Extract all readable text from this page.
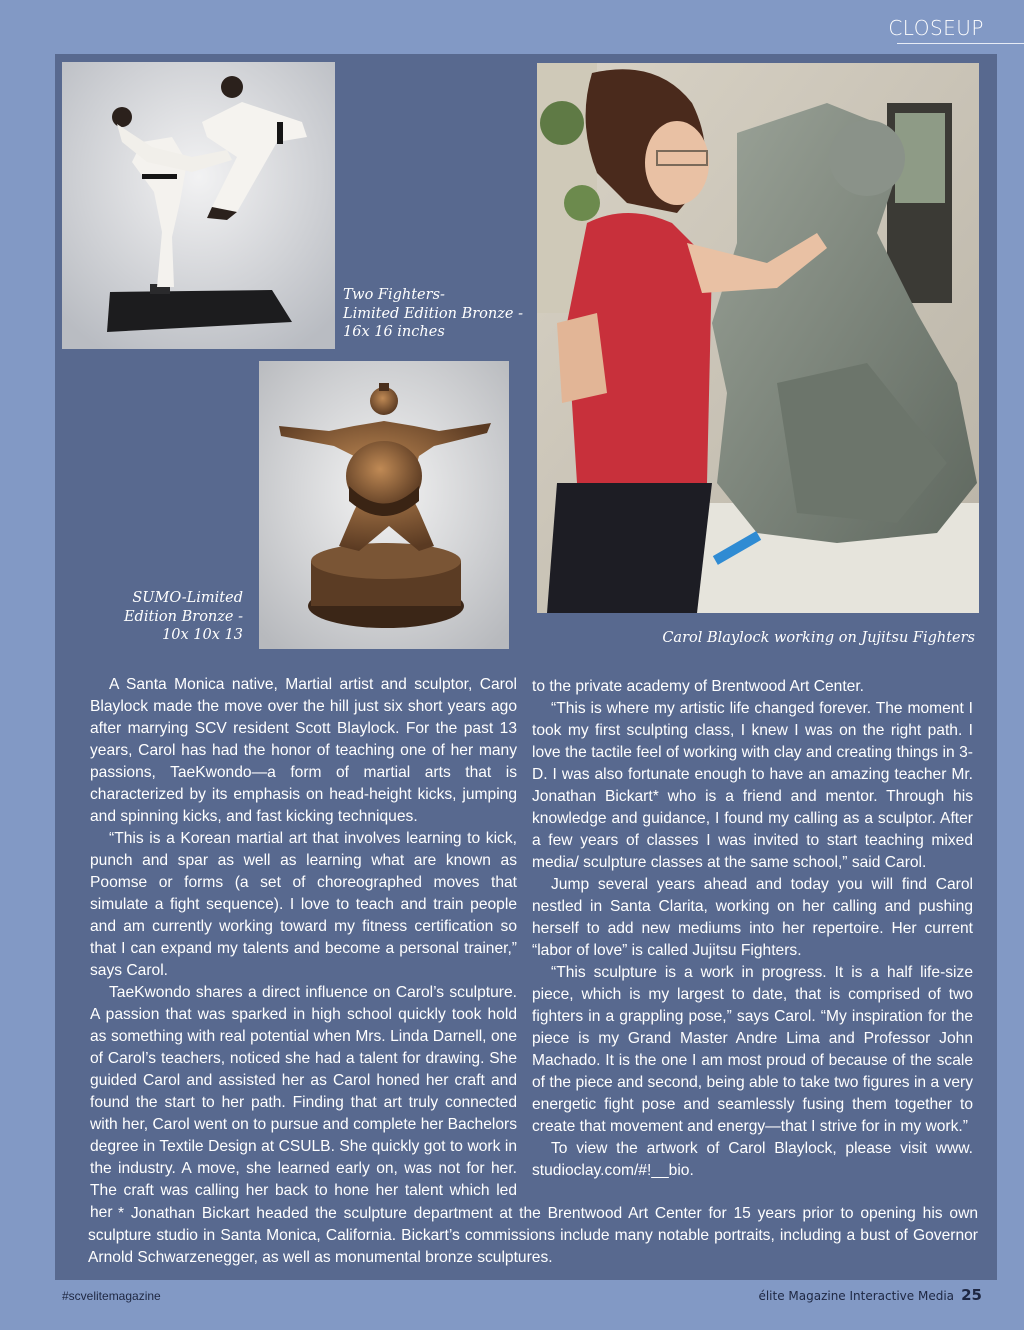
CLOSEUP
Two Fighters-
Limited Edition Bronze -
16x 16 inches
SUMO-Limited
Edition Bronze -
10x 10x 13	Carol Blaylock working on Jujitsu Fighters

A Santa Monica native, Martial artist and sculptor, Carol Blaylock made the move over the hill just six short years ago after marrying SCV resident Scott Blaylock. For the past 13 years, Carol has had the honor of teaching one of her many passions, TaeKwondo—a form of martial arts that is characterized by its emphasis on head-height kicks, jumping and spinning kicks, and fast kicking techniques.

“This is a Korean martial art that involves learning to kick, punch and spar as well as learning what are known as Poomse or forms (a set of choreographed moves that simulate a fight sequence). I love to teach and train people and am currently working toward my fitness certification so that I can expand my talents and become a personal trainer,” says Carol.

TaeKwondo shares a direct influence on Carol’s sculpture. A passion that was sparked in high school quickly took hold as something with real potential when Mrs. Linda Darnell, one of Carol’s teachers, noticed she had a talent for drawing. She guided Carol and assisted her as Carol honed her craft and found the start to her path. Finding that art truly connected with her, Carol went on to pursue and complete her Bachelors degree in Textile Design at CSULB. She quickly got to work in the industry. A move, she learned early on, was not for her. The craft was calling her back to hone her talent which led her

to the private academy of Brentwood Art Center.

“This is where my artistic life changed forever. The moment I took my first sculpting class, I knew I was on the right path. I love the tactile feel of working with clay and creating things in 3-D. I was also fortunate enough to have an amazing teacher Mr. Jonathan Bickart* who is a friend and mentor. Through his knowledge and guidance, I found my calling as a sculptor. After a few years of classes I was invited to start teaching mixed media/ sculpture classes at the same school,” said Carol.

Jump several years ahead and today you will find Carol nestled in Santa Clarita, working on her calling and pushing herself to add new mediums into her repertoire. Her current “labor of love” is called Jujitsu Fighters.

“This sculpture is a work in progress. It is a half life-size piece, which is my largest to date, that is comprised of two fighters in a grappling pose,” says Carol. “My inspiration for the piece is my Grand Master Andre Lima and Professor John Machado. It is the one I am most proud of because of the scale of the piece and second, being able to take two figures in a very energetic fight pose and seamlessly fusing them together to create that movement and energy—that I strive for in my work.”

To view the artwork of Carol Blaylock, please visit www. studioclay.com/#!__bio.

* Jonathan Bickart headed the sculpture department at the Brentwood Art Center for 15 years prior to opening his own sculpture studio in Santa Monica, California. Bickart’s commissions include many notable portraits, including a bust of Governor Arnold Schwarzenegger, as well as monumental bronze sculptures.

#scvelitemagazine	élite Magazine Interactive Media 25
